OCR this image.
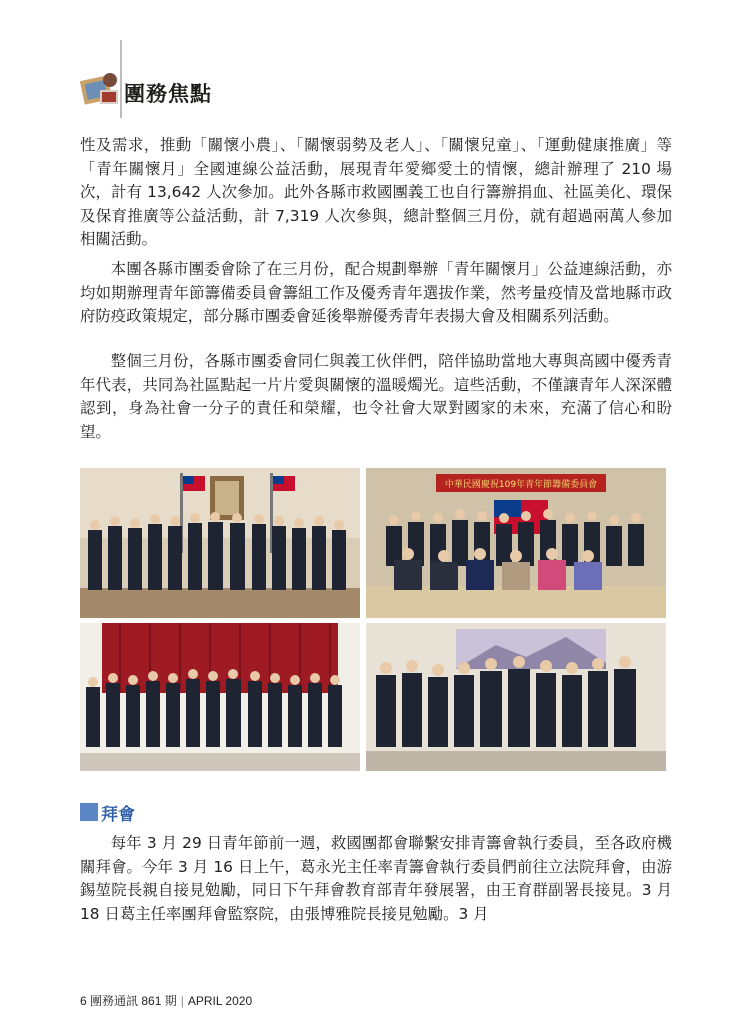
團務焦點

性及需求，推動「關懷小農」、「關懷弱勢及老人」、「關懷兒童」、「運動健康推廣」等「青年關懷月」全國連線公益活動，展現青年愛鄉愛土的情懷，總計辦理了 210 場次，計有 13,642 人次參加。此外各縣市救國團義工也自行籌辦捐血、社區美化、環保及保育推廣等公益活動，計 7,319 人次參與，總計整個三月份，就有超過兩萬人參加相關活動。

本團各縣市團委會除了在三月份，配合規劃舉辦「青年關懷月」公益連線活動，亦均如期辦理青年節籌備委員會籌組工作及優秀青年選拔作業，然考量疫情及當地縣市政府防疫政策規定，部分縣市團委會延後舉辦優秀青年表揚大會及相關系列活動。

整個三月份，各縣市團委會同仁與義工伙伴們，陪伴協助當地大專與高國中優秀青年代表，共同為社區點起一片片愛與關懷的溫暖燭光。這些活動，不僅讓青年人深深體認到，身為社會一分子的責任和榮耀，也令社會大眾對國家的未來，充滿了信心和盼望。

中華民國慶祝109年青年節籌備委員會
拜會

每年 3 月 29 日青年節前一週，救國團都會聯繫安排青籌會執行委員，至各政府機關拜會。今年 3 月 16 日上午，葛永光主任率青籌會執行委員們前往立法院拜會，由游錫堃院長親自接見勉勵，同日下午拜會教育部青年發展署，由王育群副署長接見。3 月 18 日葛主任率團拜會監察院，由張博雅院長接見勉勵。3 月

6 團務通訊 861 期 | APRIL 2020
